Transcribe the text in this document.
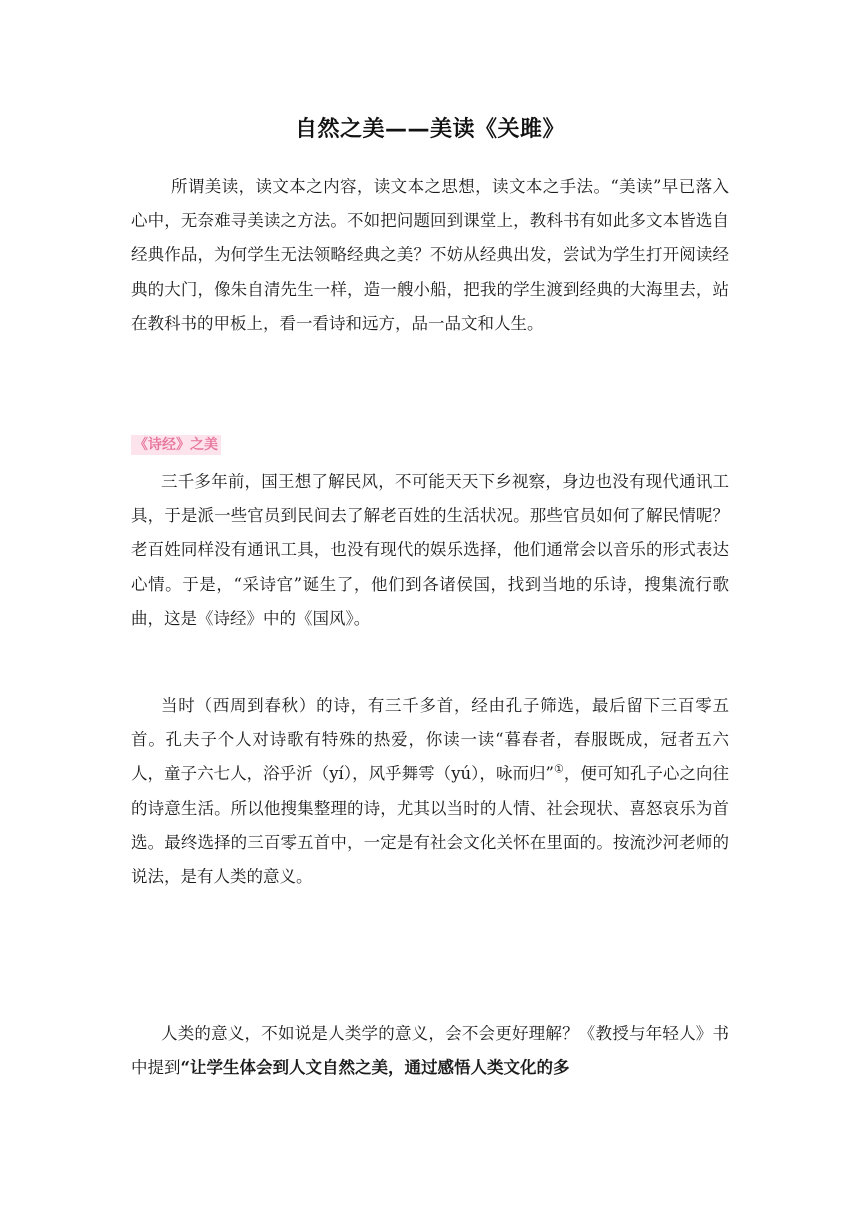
自然之美——美读《关雎》

所谓美读，读文本之内容，读文本之思想，读文本之手法。“美读”早已落入心中，无奈难寻美读之方法。不如把问题回到课堂上，教科书有如此多文本皆选自经典作品，为何学生无法领略经典之美？不妨从经典出发，尝试为学生打开阅读经典的大门，像朱自清先生一样，造一艘小船，把我的学生渡到经典的大海里去，站在教科书的甲板上，看一看诗和远方，品一品文和人生。

《诗经》之美

三千多年前，国王想了解民风，不可能天天下乡视察，身边也没有现代通讯工具，于是派一些官员到民间去了解老百姓的生活状况。那些官员如何了解民情呢？老百姓同样没有通讯工具，也没有现代的娱乐选择，他们通常会以音乐的形式表达心情。于是，“采诗官”诞生了，他们到各诸侯国，找到当地的乐诗，搜集流行歌曲，这是《诗经》中的《国风》。

当时（西周到春秋）的诗，有三千多首，经由孔子筛选，最后留下三百零五首。孔夫子个人对诗歌有特殊的热爱，你读一读“暮春者，春服既成，冠者五六人，童子六七人，浴乎沂（yí），风乎舞雩（yú），咏而归”①，便可知孔子心之向往的诗意生活。所以他搜集整理的诗，尤其以当时的人情、社会现状、喜怒哀乐为首选。最终选择的三百零五首中，一定是有社会文化关怀在里面的。按流沙河老师的说法，是有人类的意义。

人类的意义，不如说是人类学的意义，会不会更好理解？《教授与年轻人》书中提到“让学生体会到人文自然之美，通过感悟人类文化的多
